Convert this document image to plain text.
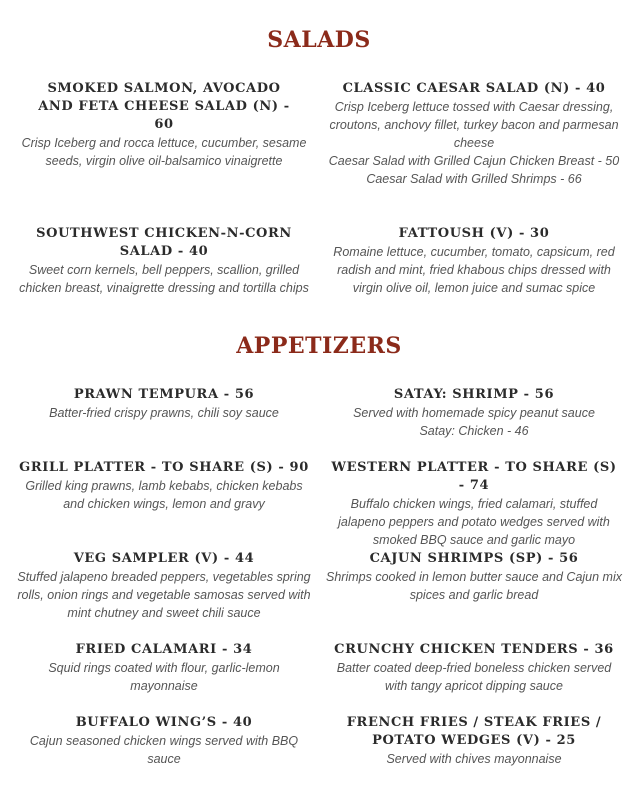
SALADS
SMOKED SALMON, AVOCADO AND FETA CHEESE SALAD (N) - 60
Crisp Iceberg and rocca lettuce, cucumber, sesame seeds, virgin olive oil-balsamico vinaigrette
CLASSIC CAESAR SALAD (N) - 40
Crisp Iceberg lettuce tossed with Caesar dressing, croutons, anchovy fillet, turkey bacon and parmesan cheese
Caesar Salad with Grilled Cajun Chicken Breast - 50
Caesar Salad with Grilled Shrimps - 66
SOUTHWEST CHICKEN-N-CORN SALAD - 40
Sweet corn kernels, bell peppers, scallion, grilled chicken breast, vinaigrette dressing and tortilla chips
FATTOUSH (V) - 30
Romaine lettuce, cucumber, tomato, capsicum, red radish and mint, fried khabous chips dressed with virgin olive oil, lemon juice and sumac spice
APPETIZERS
PRAWN TEMPURA - 56
Batter-fried crispy prawns, chili soy sauce
SATAY: SHRIMP - 56
Served with homemade spicy peanut sauce
Satay: Chicken - 46
GRILL PLATTER - TO SHARE (S) - 90
Grilled king prawns, lamb kebabs, chicken kebabs and chicken wings, lemon and gravy
WESTERN PLATTER - TO SHARE (S) - 74
Buffalo chicken wings, fried calamari, stuffed jalapeno peppers and potato wedges served with smoked BBQ sauce and garlic mayo
VEG SAMPLER (V) - 44
Stuffed jalapeno breaded peppers, vegetables spring rolls, onion rings and vegetable samosas served with mint chutney and sweet chili sauce
CAJUN SHRIMPS (SP) - 56
Shrimps cooked in lemon butter sauce and Cajun mix spices and garlic bread
FRIED CALAMARI - 34
Squid rings coated with flour, garlic-lemon mayonnaise
CRUNCHY CHICKEN TENDERS - 36
Batter coated deep-fried boneless chicken served with tangy apricot dipping sauce
BUFFALO WING’S - 40
Cajun seasoned chicken wings served with BBQ sauce
FRENCH FRIES / STEAK FRIES / POTATO WEDGES (V) - 25
Served with chives mayonnaise
